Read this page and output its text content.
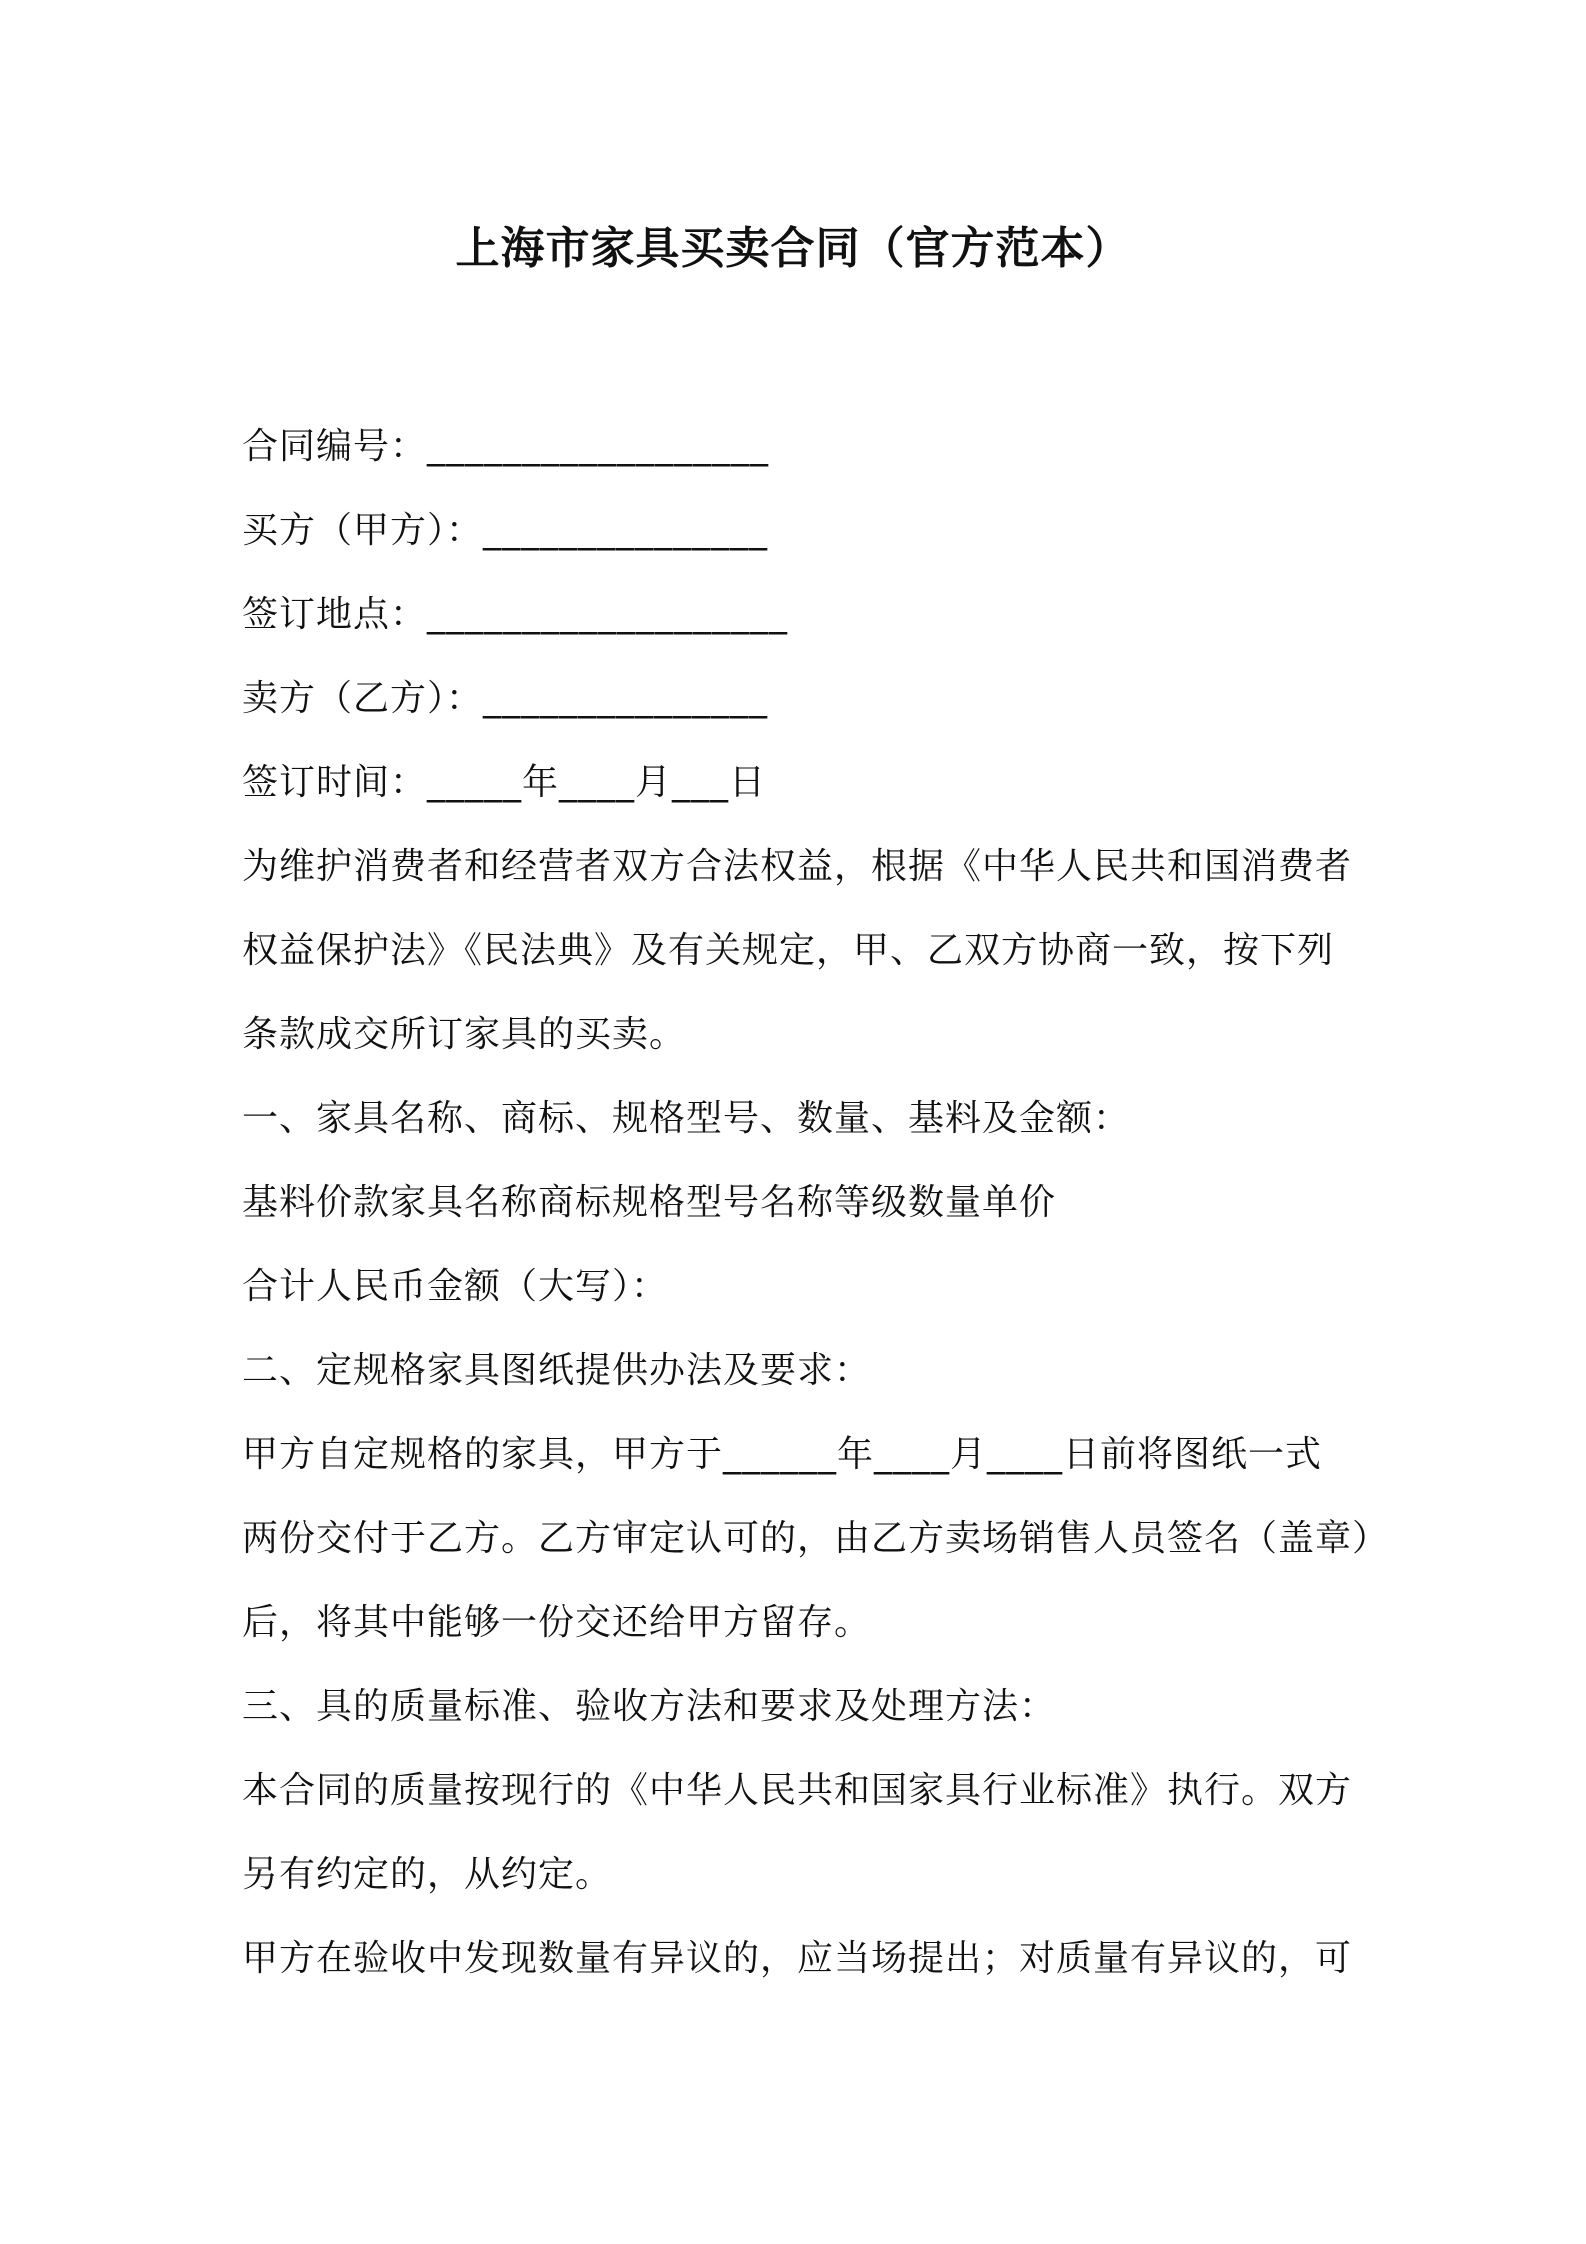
上海市家具买卖合同（官方范本）
合同编号：__________________
买方（甲方）：_______________
签订地点：___________________
卖方（乙方）：_______________
签订时间：_____年____月___日
为维护消费者和经营者双方合法权益，根据《中华人民共和国消费者
权益保护法》《民法典》及有关规定，甲、乙双方协商一致，按下列
条款成交所订家具的买卖。
一、家具名称、商标、规格型号、数量、基料及金额：
基料价款家具名称商标规格型号名称等级数量单价
合计人民币金额（大写）：
二、定规格家具图纸提供办法及要求：
甲方自定规格的家具，甲方于______年____月____日前将图纸一式
两份交付于乙方。乙方审定认可的，由乙方卖场销售人员签名（盖章）
后，将其中能够一份交还给甲方留存。
三、具的质量标准、验收方法和要求及处理方法：
本合同的质量按现行的《中华人民共和国家具行业标准》执行。双方
另有约定的，从约定。
甲方在验收中发现数量有异议的，应当场提出；对质量有异议的，可
